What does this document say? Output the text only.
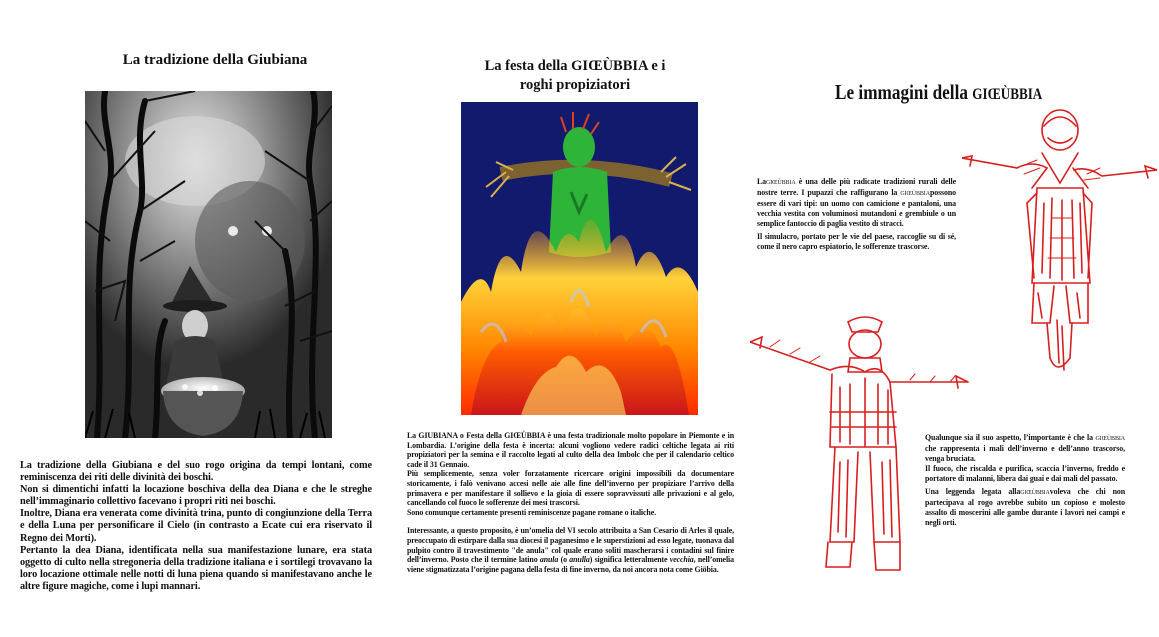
La tradizione della Giubiana

La tradizione della Giubiana e del suo rogo origina da tempi lontani, come reminiscenza dei riti delle divinità dei boschi.

Non si dimentichi infatti la locazione boschiva della dea Diana e che le streghe nell’immaginario collettivo facevano i propri riti nei boschi.

Inoltre, Diana era venerata come divinità trina, punto di congiunzione della Terra e della Luna per personificare il Cielo (in contrasto a Ecate cui era riservato il Regno dei Morti).

Pertanto la dea Diana, identificata nella sua manifestazione lunare, era stata oggetto di culto nella stregoneria della tradizione italiana e i sortilegi trovavano la loro locazione ottimale nelle notti di luna piena quando si manifestavano anche le altre figure magiche, come i lupi mannari.

La festa della GIŒÙBBIA e i
roghi propiziatori

La GIUBIANA o Festa della GIŒÙBBIA è una festa tradizionale molto popolare in Piemonte e in Lombardia. L’origine della festa è incerta: alcuni vogliono vedere radici celtiche legata ai riti propiziatori per la semina e il raccolto legati al culto della dea Imbolc che per il calendario celtico cade il 31 Gennaio.

Più semplicemente, senza voler forzatamente ricercare origini impossibili da documentare storicamente, i falò venivano accesi nelle aie alle fine dell’inverno per propiziare l’arrivo della primavera e per manifestare il sollievo e la gioia di essere sopravvissuti alle privazioni e al gelo, cancellando col fuoco le sofferenze dei mesi trascorsi.

Sono comunque certamente presenti reminiscenze pagane romane o italiche.

Interessante, a questo proposito, è un’omelia del VI secolo attribuita a San Cesario di Arles il quale, preoccupato di estirpare dalla sua diocesi il paganesimo e le superstizioni ad esso legate, tuonava dal pulpito contro il travestimento "de anula" col quale erano soliti mascherarsi i contadini sul finire dell’inverno. Posto che il termine latino anula (o anulla) significa letteralmente vecchia, nell’omelia viene stigmatizzata l’origine pagana della festa di fine inverno, da noi ancora nota come Giöbia.

Le immagini della GIŒÙBBIA

LaGIŒÙBBIA è una delle più radicate tradizioni rurali delle nostre terre. I pupazzi che raffigurano la GIŒÙBBIApossono essere di vari tipi: un uomo con camicione e pantaloni, una vecchia vestita con voluminosi mutandoni e grembiule o un semplice fantoccio di paglia vestito di stracci.

Il simulacro, portato per le vie del paese, raccoglie su di sé, come il nero capro espiatorio, le sofferenze trascorse.

Qualunque sia il suo aspetto, l’importante è che la GIŒÙBBIA che rappresenta i mali dell’inverno e dell’anno trascorso, venga bruciata.

Il fuoco, che riscalda e purifica, scaccia l’inverno, freddo e portatore di malanni, libera dai guai e dai mali del passato.

Una leggenda legata allaGIŒÙBBIAvoleva che chi non partecipava al rogo avrebbe subito un copioso e molesto assalto di moscerini alle gambe durante i lavori nei campi e negli orti.
